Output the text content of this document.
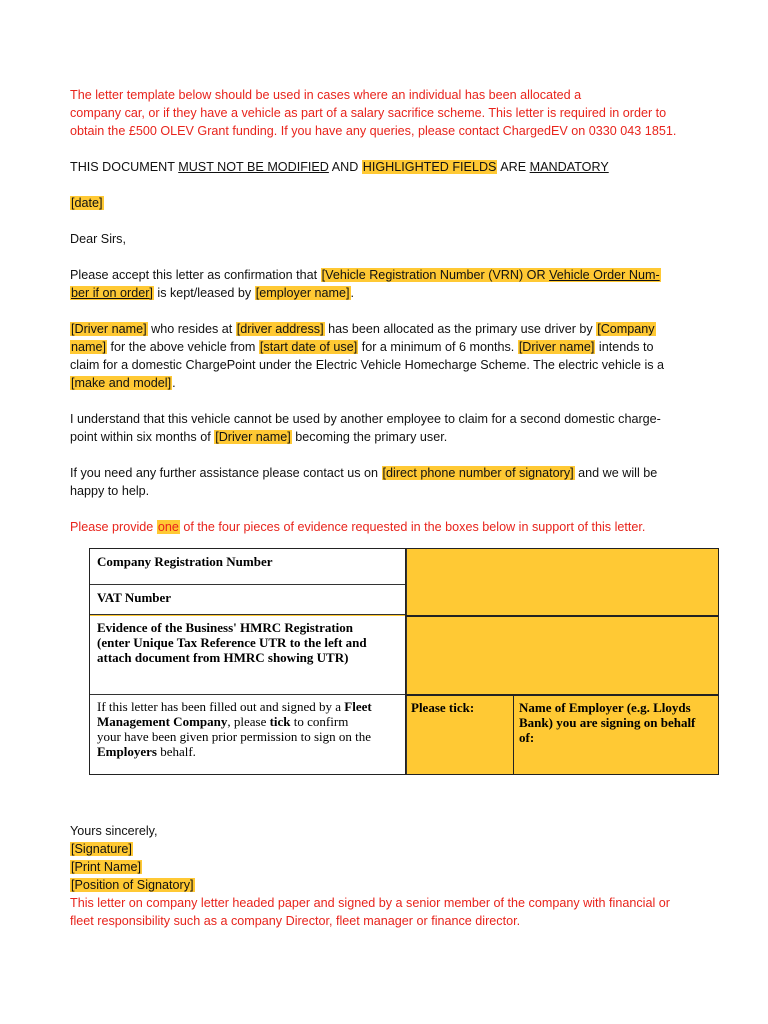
The letter template below should be used in cases where an individual has been allocated a

company car, or if they have a vehicle as part of a salary sacrifice scheme. This letter is required in order to

obtain the £500 OLEV Grant funding. If you have any queries, please contact ChargedEV on 0330 043 1851.

THIS DOCUMENT MUST NOT BE MODIFIED AND HIGHLIGHTED FIELDS ARE MANDATORY

[date]

Dear Sirs,

Please accept this letter as confirmation that [Vehicle Registration Number (VRN) OR Vehicle Order Num-
ber if on order] is kept/leased by [employer name].

[Driver name] who resides at [driver address] has been allocated as the primary use driver by [Company
name] for the above vehicle from [start date of use] for a minimum of 6 months. [Driver name] intends to
claim for a domestic ChargePoint under the Electric Vehicle Homecharge Scheme. The electric vehicle is a
[make and model].

I understand that this vehicle cannot be used by another employee to claim for a second domestic charge-
point within six months of [Driver name] becoming the primary user.

If you need any further assistance please contact us on [direct phone number of signatory] and we will be
happy to help.

Please provide one of the four pieces of evidence requested in the boxes below in support of this letter.

Company Registration Number
VAT Number
Evidence of the Business' HMRC Registration
(enter Unique Tax Reference UTR to the left and
attach document from HMRC showing UTR)
If this letter has been filled out and signed by a Fleet
Management Company, please tick to confirm
your have been given prior permission to sign on the
Employers behalf.
Please tick:	Name of Employer (e.g. Lloyds
Bank) you are signing on behalf
of:

Yours sincerely,

[Signature]

[Print Name]

[Position of Signatory]

This letter on company letter headed paper and signed by a senior member of the company with financial or

fleet responsibility such as a company Director, fleet manager or finance director.
